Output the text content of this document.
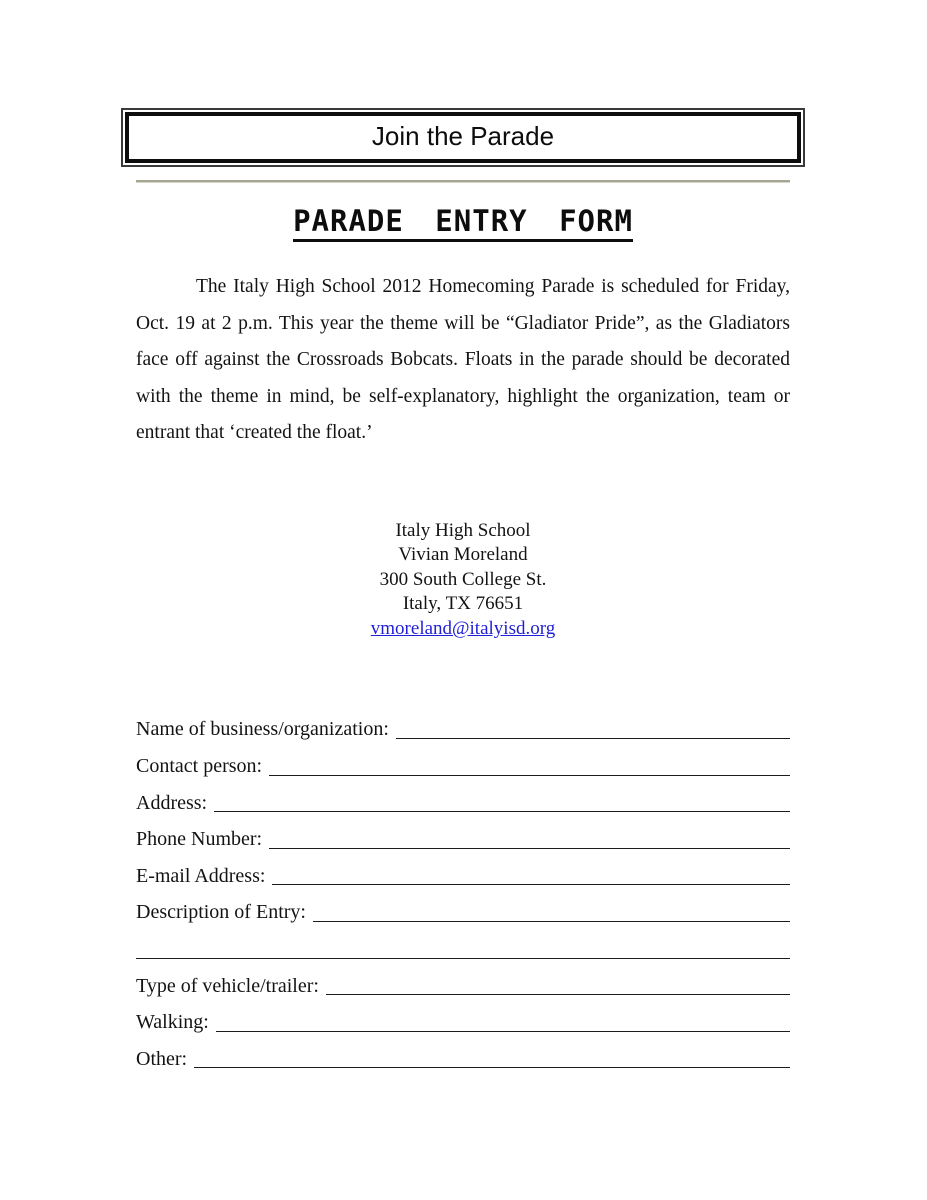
Join the Parade
PARADE ENTRY FORM

The Italy High School 2012 Homecoming Parade is scheduled for Friday, Oct. 19 at 2 p.m. This year the theme will be “Gladiator Pride”, as the Gladiators face off against the Crossroads Bobcats. Floats in the parade should be decorated with the theme in mind, be self-explanatory, highlight the organization, team or entrant that ‘created the float.’

Italy High School
Vivian Moreland
300 South College St.
Italy, TX 76651
vmoreland@italyisd.org
Name of business/organization:
Contact person:
Address:
Phone Number:
E-mail Address:
Description of Entry:
Type of vehicle/trailer:
Walking:
Other:
